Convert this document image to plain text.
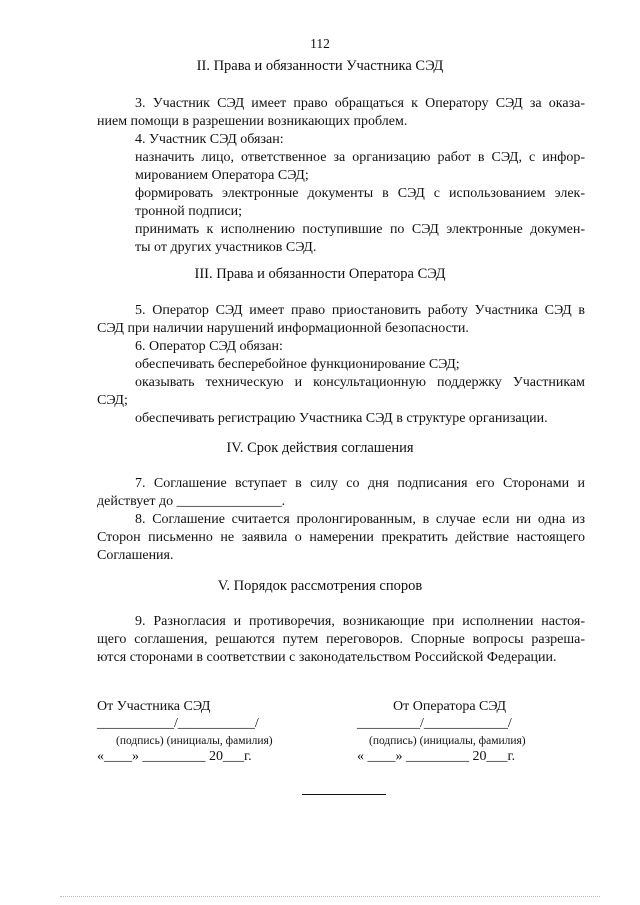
112
II. Права и обязанности Участника СЭД
3. Участник СЭД имеет право обращаться к Оператору СЭД за оказа-
нием помощи в разрешении возникающих проблем.
4. Участник СЭД обязан:
назначить лицо, ответственное за организацию работ в СЭД, с инфор-
мированием Оператора СЭД;
формировать электронные документы в СЭД с использованием элек-
тронной подписи;
принимать к исполнению поступившие по СЭД электронные докумен-
ты от других участников СЭД.
III. Права и обязанности Оператора СЭД
5. Оператор СЭД имеет право приостановить работу Участника СЭД в
СЭД при наличии нарушений информационной безопасности.
6. Оператор СЭД обязан:
обеспечивать бесперебойное функционирование СЭД;
оказывать техническую и консультационную поддержку Участникам
СЭД;
обеспечивать регистрацию Участника СЭД в структуре организации.
IV. Срок действия соглашения
7. Соглашение вступает в силу со дня подписания его Сторонами и
действует до _______________.
8. Соглашение считается пролонгированным, в случае если ни одна из
Сторон письменно не заявила о намерении прекратить действие настоящего
Соглашения.
V. Порядок рассмотрения споров
9. Разногласия и противоречия, возникающие при исполнении настоя-
щего соглашения, решаются путем переговоров. Спорные вопросы разреша-
ются сторонами в соответствии с законодательством Российской Федерации.
От Участника СЭД
___________/___________/
(подпись) (инициалы, фамилия)
«____» _________ 20___г.
От Оператора СЭД
_________/____________/
(подпись) (инициалы, фамилия)
« ____» _________ 20___г.
